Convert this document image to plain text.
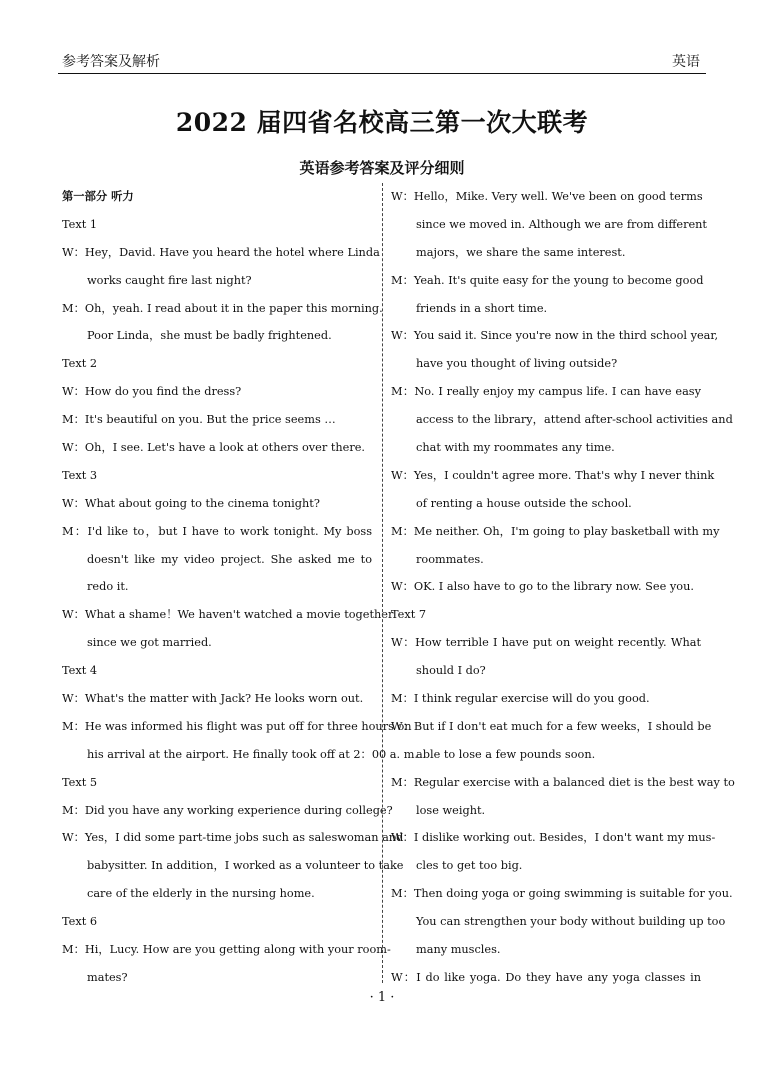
参考答案及解析	英语
2022 届四省名校高三第一次大联考
英语参考答案及评分细则
第一部分 听力
Text 1
W：Hey，David. Have you heard the hotel where Linda
works caught fire last night?
M：Oh，yeah. I read about it in the paper this morning.
Poor Linda，she must be badly frightened.
Text 2
W：How do you find the dress?
M：It's beautiful on you. But the price seems …
W：Oh，I see. Let's have a look at others over there.
Text 3
W：What about going to the cinema tonight?
M：I'd like to，but I have to work tonight. My boss
doesn't like my video project. She asked me to
redo it.
W：What a shame！We haven't watched a movie together
since we got married.
Text 4
W：What's the matter with Jack? He looks worn out.
M：He was informed his flight was put off for three hours on
his arrival at the airport. He finally took off at 2：00 a. m.
Text 5
M：Did you have any working experience during college?
W：Yes，I did some part-time jobs such as saleswoman and
babysitter. In addition，I worked as a volunteer to take
care of the elderly in the nursing home.
Text 6
M：Hi，Lucy. How are you getting along with your room-
mates?
W：Hello，Mike. Very well. We've been on good terms
since we moved in. Although we are from different
majors，we share the same interest.
M：Yeah. It's quite easy for the young to become good
friends in a short time.
W：You said it. Since you're now in the third school year,
have you thought of living outside?
M：No. I really enjoy my campus life. I can have easy
access to the library，attend after-school activities and
chat with my roommates any time.
W：Yes，I couldn't agree more. That's why I never think
of renting a house outside the school.
M：Me neither. Oh，I'm going to play basketball with my
roommates.
W：OK. I also have to go to the library now. See you.
Text 7
W：How terrible I have put on weight recently. What
should I do?
M：I think regular exercise will do you good.
W：But if I don't eat much for a few weeks，I should be
able to lose a few pounds soon.
M：Regular exercise with a balanced diet is the best way to
lose weight.
W：I dislike working out. Besides，I don't want my mus-
cles to get too big.
M：Then doing yoga or going swimming is suitable for you.
You can strengthen your body without building up too
many muscles.
W：I do like yoga. Do they have any yoga classes in
· 1 ·
